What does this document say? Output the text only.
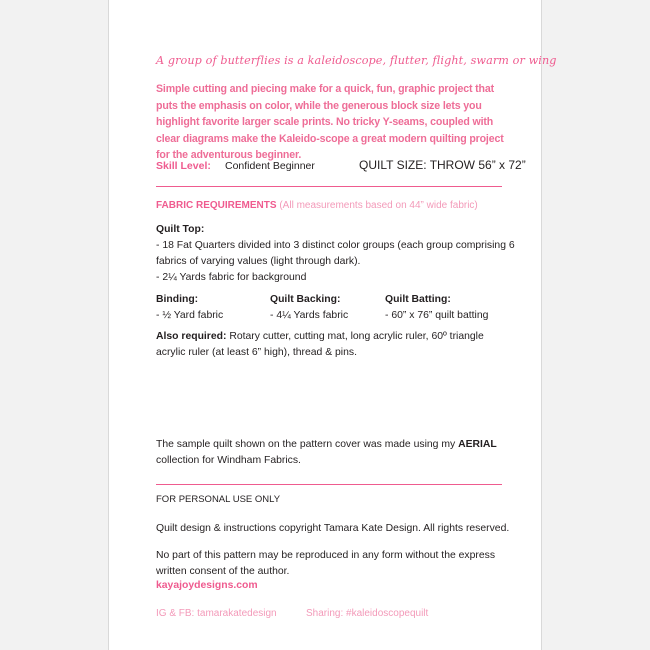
A group of butterflies is a kaleidoscope, flutter, flight, swarm or wing
Simple cutting and piecing make for a quick, fun, graphic project that puts the emphasis on color, while the generous block size lets you highlight favorite larger scale prints. No tricky Y-seams, coupled with clear diagrams make the Kaleido-scope a great modern quilting project for the adventurous beginner.
Skill Level: Confident Beginner	QUILT SIZE: THROW 56” x 72”
FABRIC REQUIREMENTS (All measurements based on 44” wide fabric)
Quilt Top:
- 18 Fat Quarters divided into 3 distinct color groups (each group comprising 6 fabrics of varying values (light through dark).
- 2¼ Yards fabric for background
Binding:
- ½ Yard fabric
Quilt Backing:
- 4¼ Yards fabric
Quilt Batting:
- 60” x 76” quilt batting
Also required: Rotary cutter, cutting mat, long acrylic ruler, 60º triangle acrylic ruler (at least 6” high), thread & pins.
The sample quilt shown on the pattern cover was made using my AERIAL collection for Windham Fabrics.
FOR PERSONAL USE ONLY
Quilt design & instructions copyright Tamara Kate Design. All rights reserved.
No part of this pattern may be reproduced in any form without the express written consent of the author.
kayajoydesigns.com
IG & FB: tamarakatedesign	Sharing: #kaleidoscopequilt
